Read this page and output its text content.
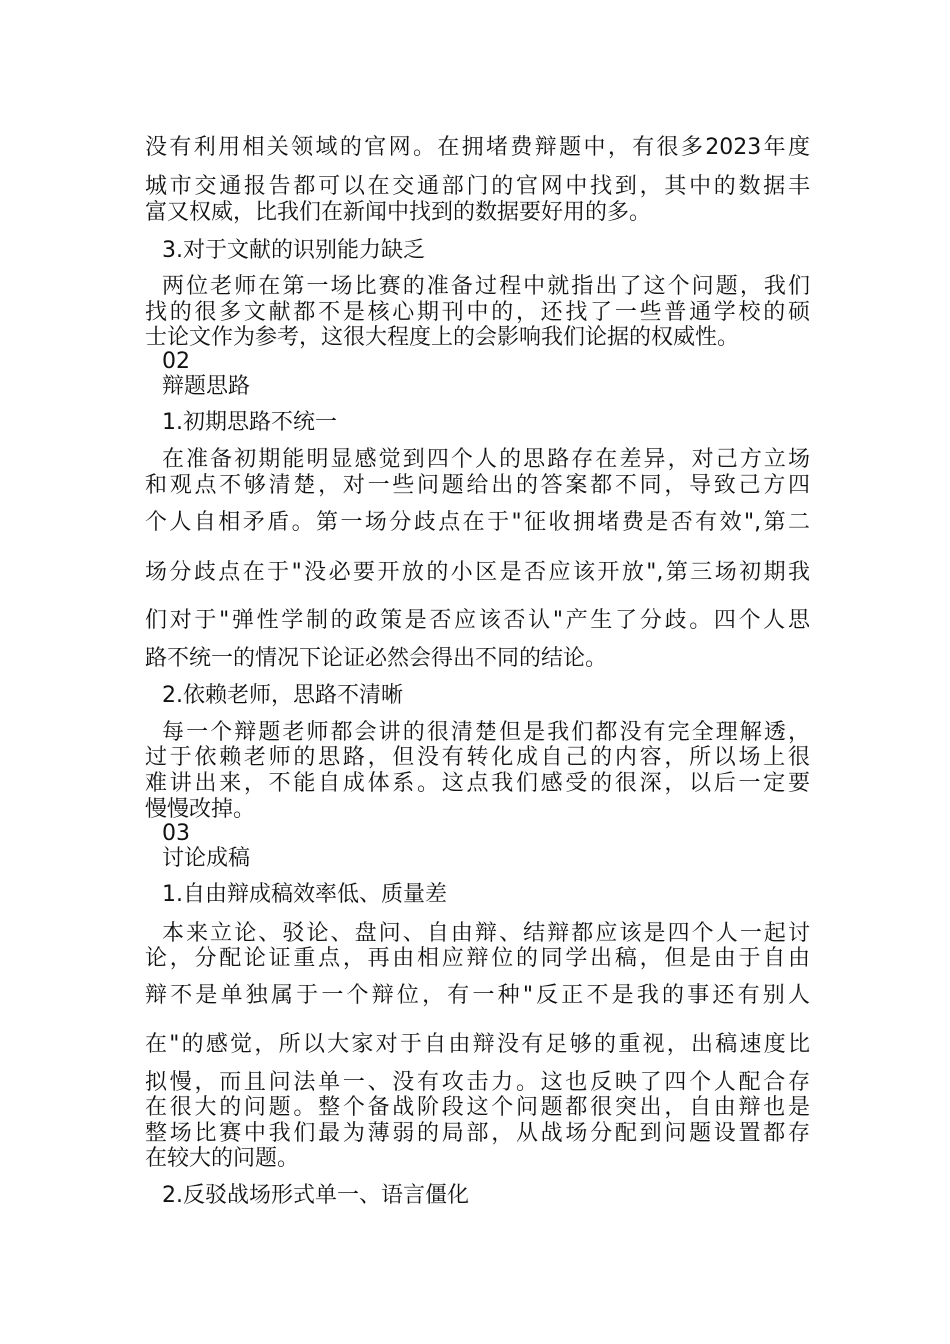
没有利用相关领域的官网。在拥堵费辩题中，有很多2023年度
城市交通报告都可以在交通部门的官网中找到，其中的数据丰
富又权威，比我们在新闻中找到的数据要好用的多。
3.对于文献的识别能力缺乏
两位老师在第一场比赛的准备过程中就指出了这个问题，我们
找的很多文献都不是核心期刊中的，还找了一些普通学校的硕
士论文作为参考，这很大程度上的会影响我们论据的权威性。
02
辩题思路
1.初期思路不统一
在准备初期能明显感觉到四个人的思路存在差异，对己方立场
和观点不够清楚，对一些问题给出的答案都不同，导致己方四
个人自相矛盾。第一场分歧点在于"征收拥堵费是否有效",第二
场分歧点在于"没必要开放的小区是否应该开放",第三场初期我
们对于"弹性学制的政策是否应该否认"产生了分歧。四个人思
路不统一的情况下论证必然会得出不同的结论。
2.依赖老师，思路不清晰
每一个辩题老师都会讲的很清楚但是我们都没有完全理解透，
过于依赖老师的思路，但没有转化成自己的内容，所以场上很
难讲出来，不能自成体系。这点我们感受的很深，以后一定要
慢慢改掉。
03
讨论成稿
1.自由辩成稿效率低、质量差
本来立论、驳论、盘问、自由辩、结辩都应该是四个人一起讨
论，分配论证重点，再由相应辩位的同学出稿，但是由于自由
辩不是单独属于一个辩位，有一种"反正不是我的事还有别人
在"的感觉，所以大家对于自由辩没有足够的重视，出稿速度比
拟慢，而且问法单一、没有攻击力。这也反映了四个人配合存
在很大的问题。整个备战阶段这个问题都很突出，自由辩也是
整场比赛中我们最为薄弱的局部，从战场分配到问题设置都存
在较大的问题。
2.反驳战场形式单一、语言僵化
